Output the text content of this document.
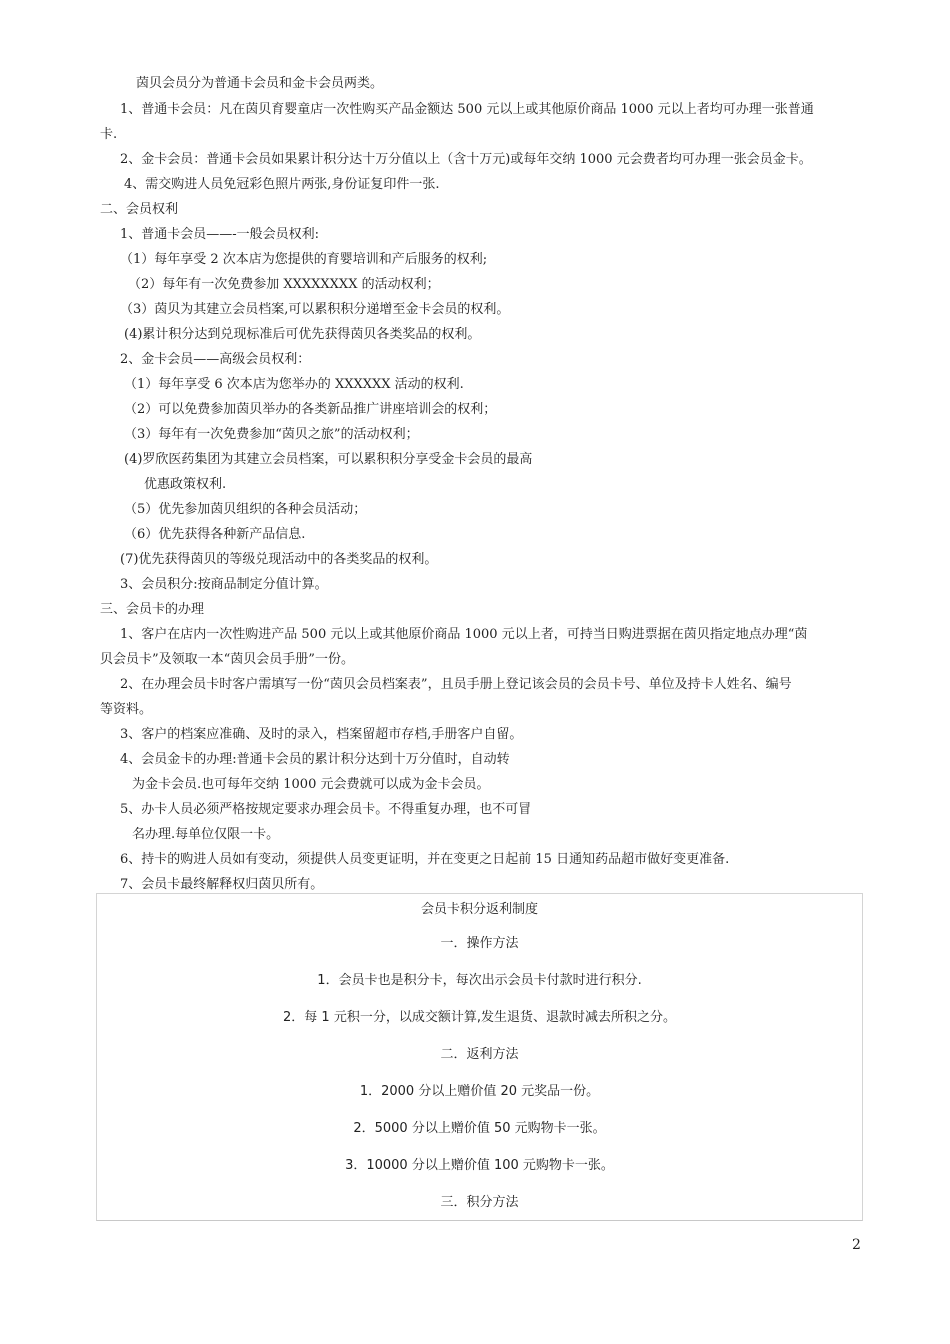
茵贝会员分为普通卡会员和金卡会员两类。
1、普通卡会员：凡在茵贝育婴童店一次性购买产品金额达 500 元以上或其他原价商品 1000 元以上者均可办理一张普通
卡.
2、金卡会员：普通卡会员如果累计积分达十万分值以上（含十万元)或每年交纳 1000 元会费者均可办理一张会员金卡。
4、需交购进人员免冠彩色照片两张,身份证复印件一张.
二、会员权利
1、普通卡会员——-一般会员权利:
（1）每年享受 2 次本店为您提供的育婴培训和产后服务的权利;
（2）每年有一次免费参加 XXXXXXXX 的活动权利；
（3）茵贝为其建立会员档案,可以累积积分递增至金卡会员的权利。
(4)累计积分达到兑现标准后可优先获得茵贝各类奖品的权利。
2、金卡会员——高级会员权利：
（1）每年享受 6 次本店为您举办的 XXXXXX 活动的权利.
（2）可以免费参加茵贝举办的各类新品推广讲座培训会的权利；
（3）每年有一次免费参加“茵贝之旅”的活动权利；
(4)罗欣医药集团为其建立会员档案，可以累积积分享受金卡会员的最高
优惠政策权利.
（5）优先参加茵贝组织的各种会员活动；
（6）优先获得各种新产品信息.
(7)优先获得茵贝的等级兑现活动中的各类奖品的权利。
3、会员积分:按商品制定分值计算。
三、会员卡的办理
1、客户在店内一次性购进产品 500 元以上或其他原价商品 1000 元以上者，可持当日购进票据在茵贝指定地点办理“茵
贝会员卡”及领取一本“茵贝会员手册”一份。
2、在办理会员卡时客户需填写一份“茵贝会员档案表”，且员手册上登记该会员的会员卡号、单位及持卡人姓名、编号
等资料。
3、客户的档案应准确、及时的录入，档案留超市存档,手册客户自留。
4、会员金卡的办理:普通卡会员的累计积分达到十万分值时，自动转
为金卡会员.也可每年交纳 1000 元会费就可以成为金卡会员。
5、办卡人员必须严格按规定要求办理会员卡。不得重复办理，也不可冒
名办理.每单位仅限一卡。
6、持卡的购进人员如有变动，须提供人员变更证明，并在变更之日起前 15 日通知药品超市做好变更准备.
7、会员卡最终解释权归茵贝所有。
会员卡积分返利制度
一．操作方法
1．会员卡也是积分卡，每次出示会员卡付款时进行积分.
2．每 1 元积一分，以成交额计算,发生退货、退款时减去所积之分。
二．返利方法
1．2000 分以上赠价值 20 元奖品一份。
2．5000 分以上赠价值 50 元购物卡一张。
3．10000 分以上赠价值 100 元购物卡一张。
三．积分方法
2
